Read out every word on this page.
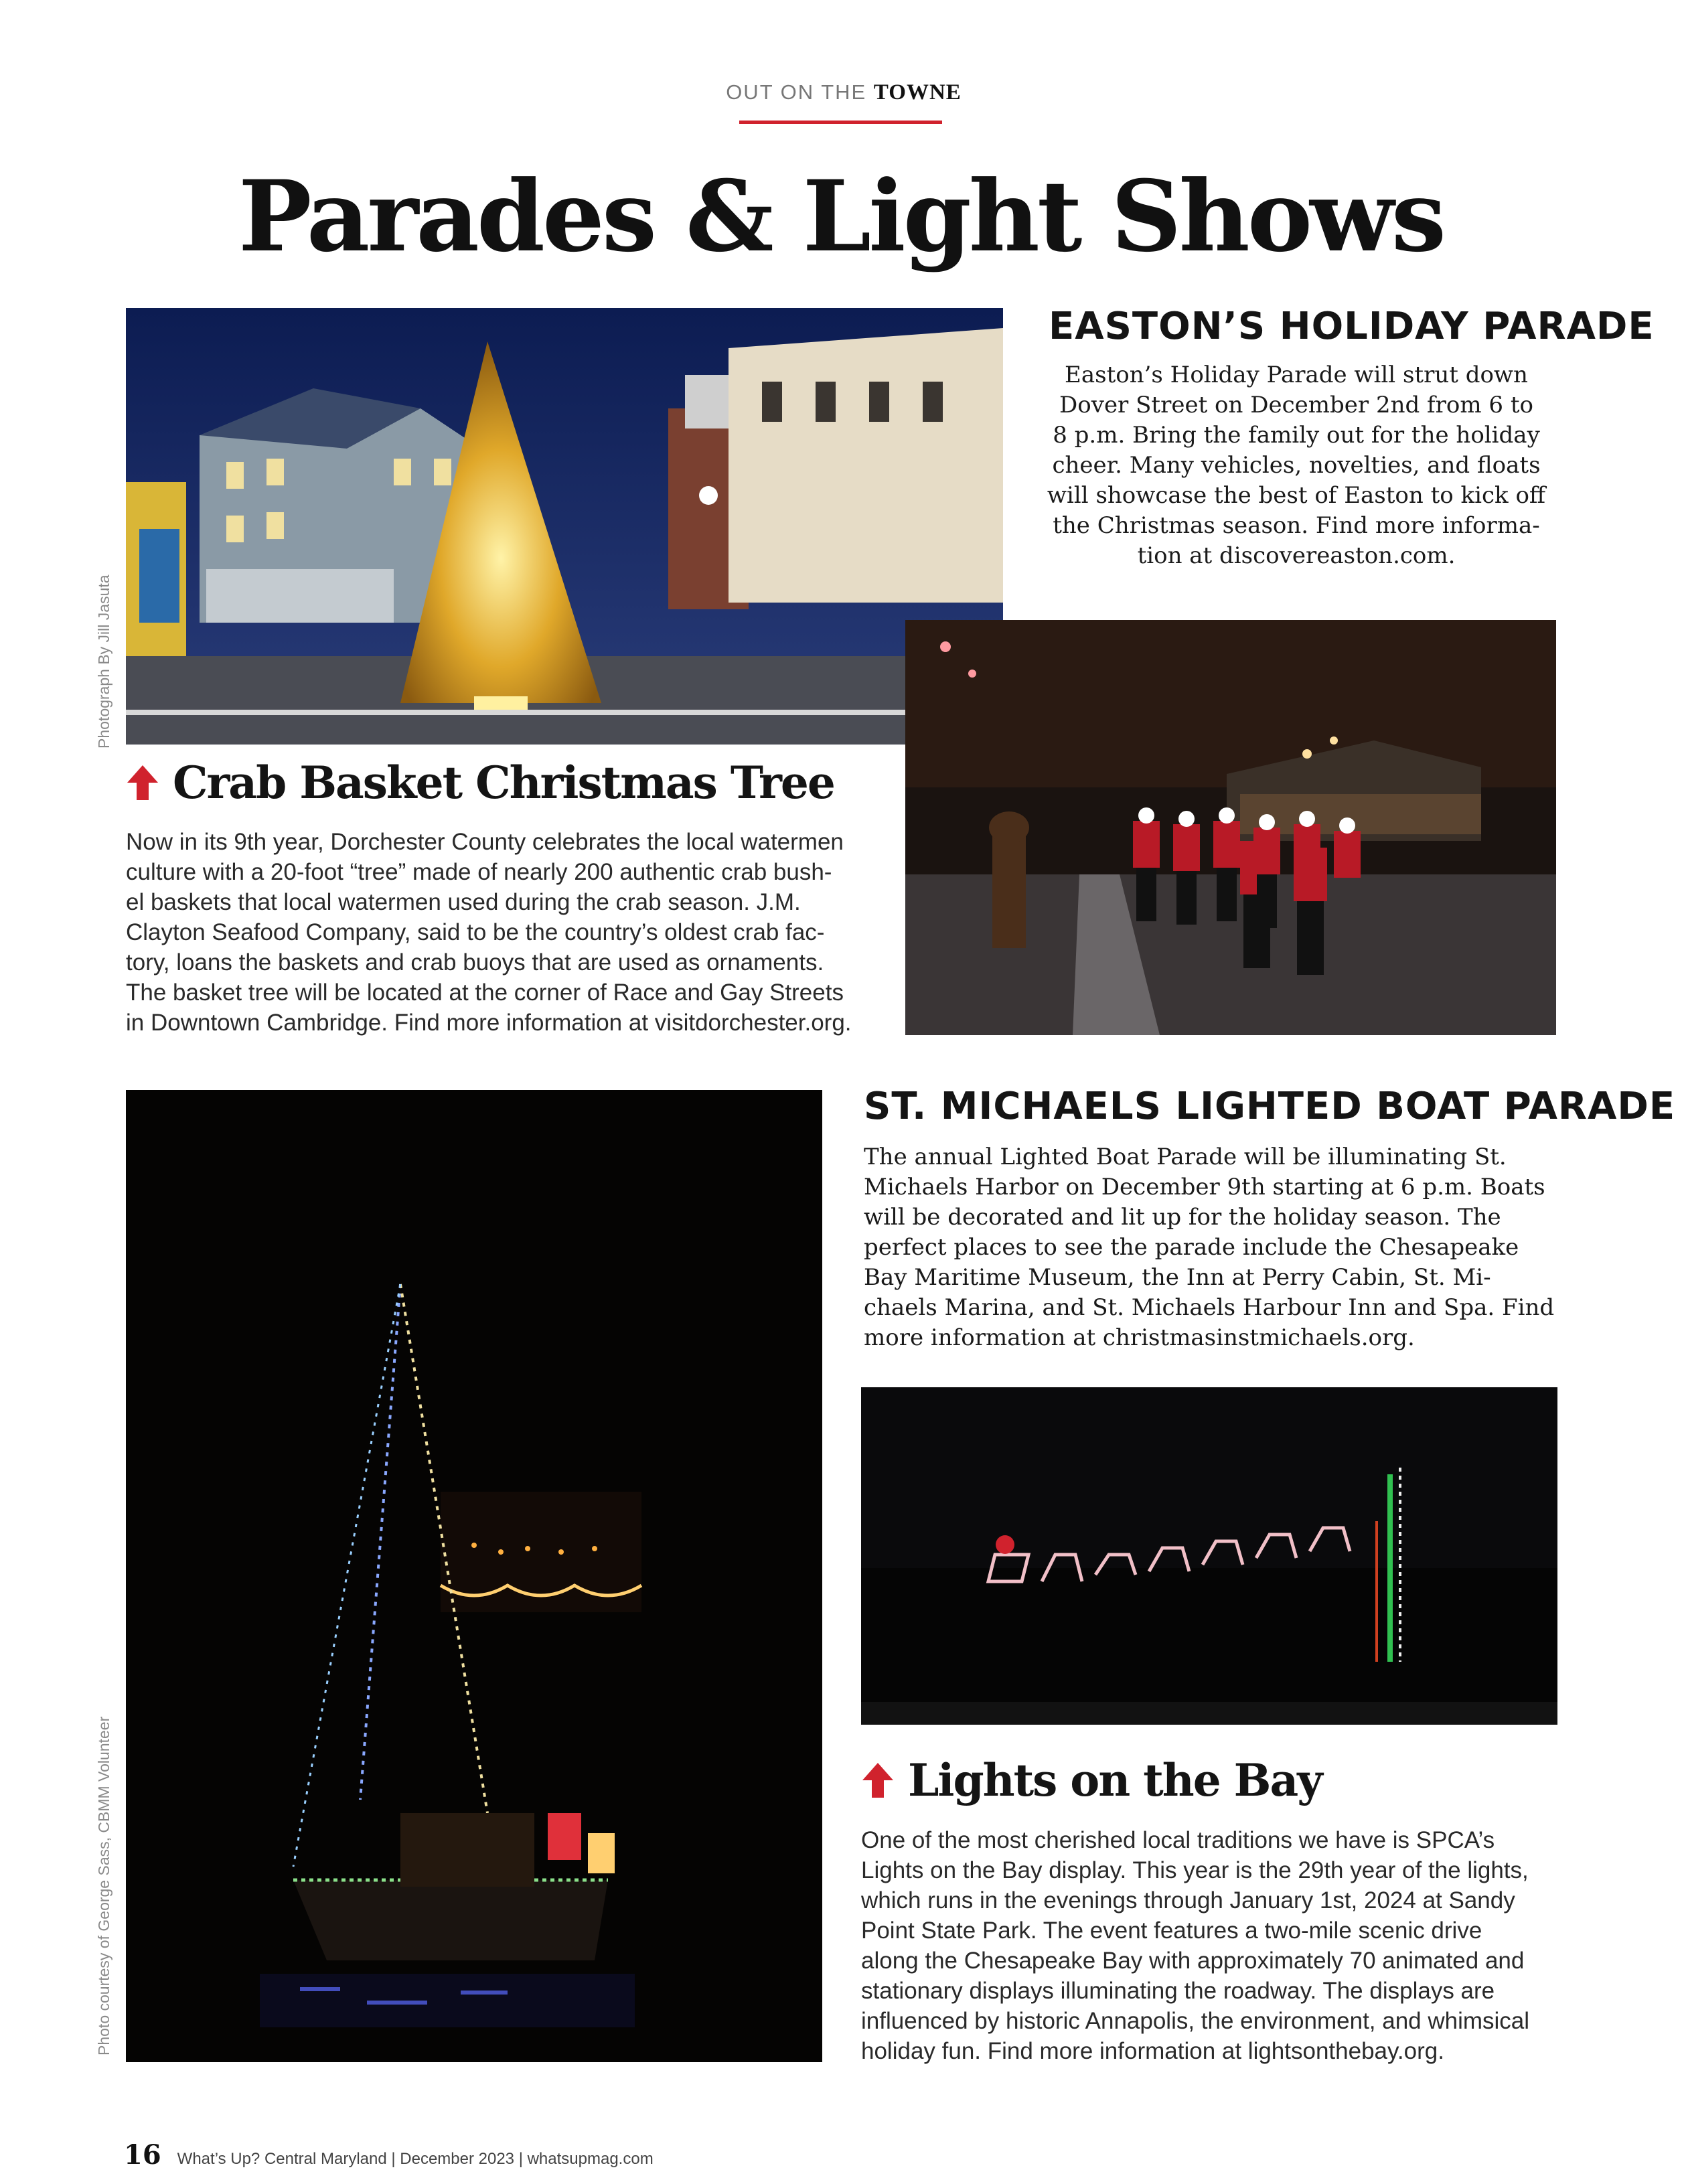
OUT ON THE TOWNE
Parades & Light Shows
Photograph By Jill Jasuta
EASTON’S HOLIDAY PARADE
Easton’s Holiday Parade will strut down
Dover Street on December 2nd from 6 to
8 p.m. Bring the family out for the holiday
cheer. Many vehicles, novelties, and floats
will showcase the best of Easton to kick off
the Christmas season. Find more informa-
tion at discovereaston.com.
Crab Basket Christmas Tree
Now in its 9th year, Dorchester County celebrates the local watermen
culture with a 20-foot “tree” made of nearly 200 authentic crab bush-
el baskets that local watermen used during the crab season. J.M.
Clayton Seafood Company, said to be the country’s oldest crab fac-
tory, loans the baskets and crab buoys that are used as ornaments.
The basket tree will be located at the corner of Race and Gay Streets
in Downtown Cambridge. Find more information at visitdorchester.org.
Photo courtesy of George Sass, CBMM Volunteer
ST. MICHAELS LIGHTED BOAT PARADE
The annual Lighted Boat Parade will be illuminating St.
Michaels Harbor on December 9th starting at 6 p.m. Boats
will be decorated and lit up for the holiday season. The
perfect places to see the parade include the Chesapeake
Bay Maritime Museum, the Inn at Perry Cabin, St. Mi-
chaels Marina, and St. Michaels Harbour Inn and Spa. Find
more information at christmasinstmichaels.org.
Lights on the Bay
One of the most cherished local traditions we have is SPCA’s
Lights on the Bay display. This year is the 29th year of the lights,
which runs in the evenings through January 1st, 2024 at Sandy
Point State Park. The event features a two-mile scenic drive
along the Chesapeake Bay with approximately 70 animated and
stationary displays illuminating the roadway. The displays are
influenced by historic Annapolis, the environment, and whimsical
holiday fun. Find more information at lightsonthebay.org.
16 What’s Up? Central Maryland | December 2023 | whatsupmag.com
